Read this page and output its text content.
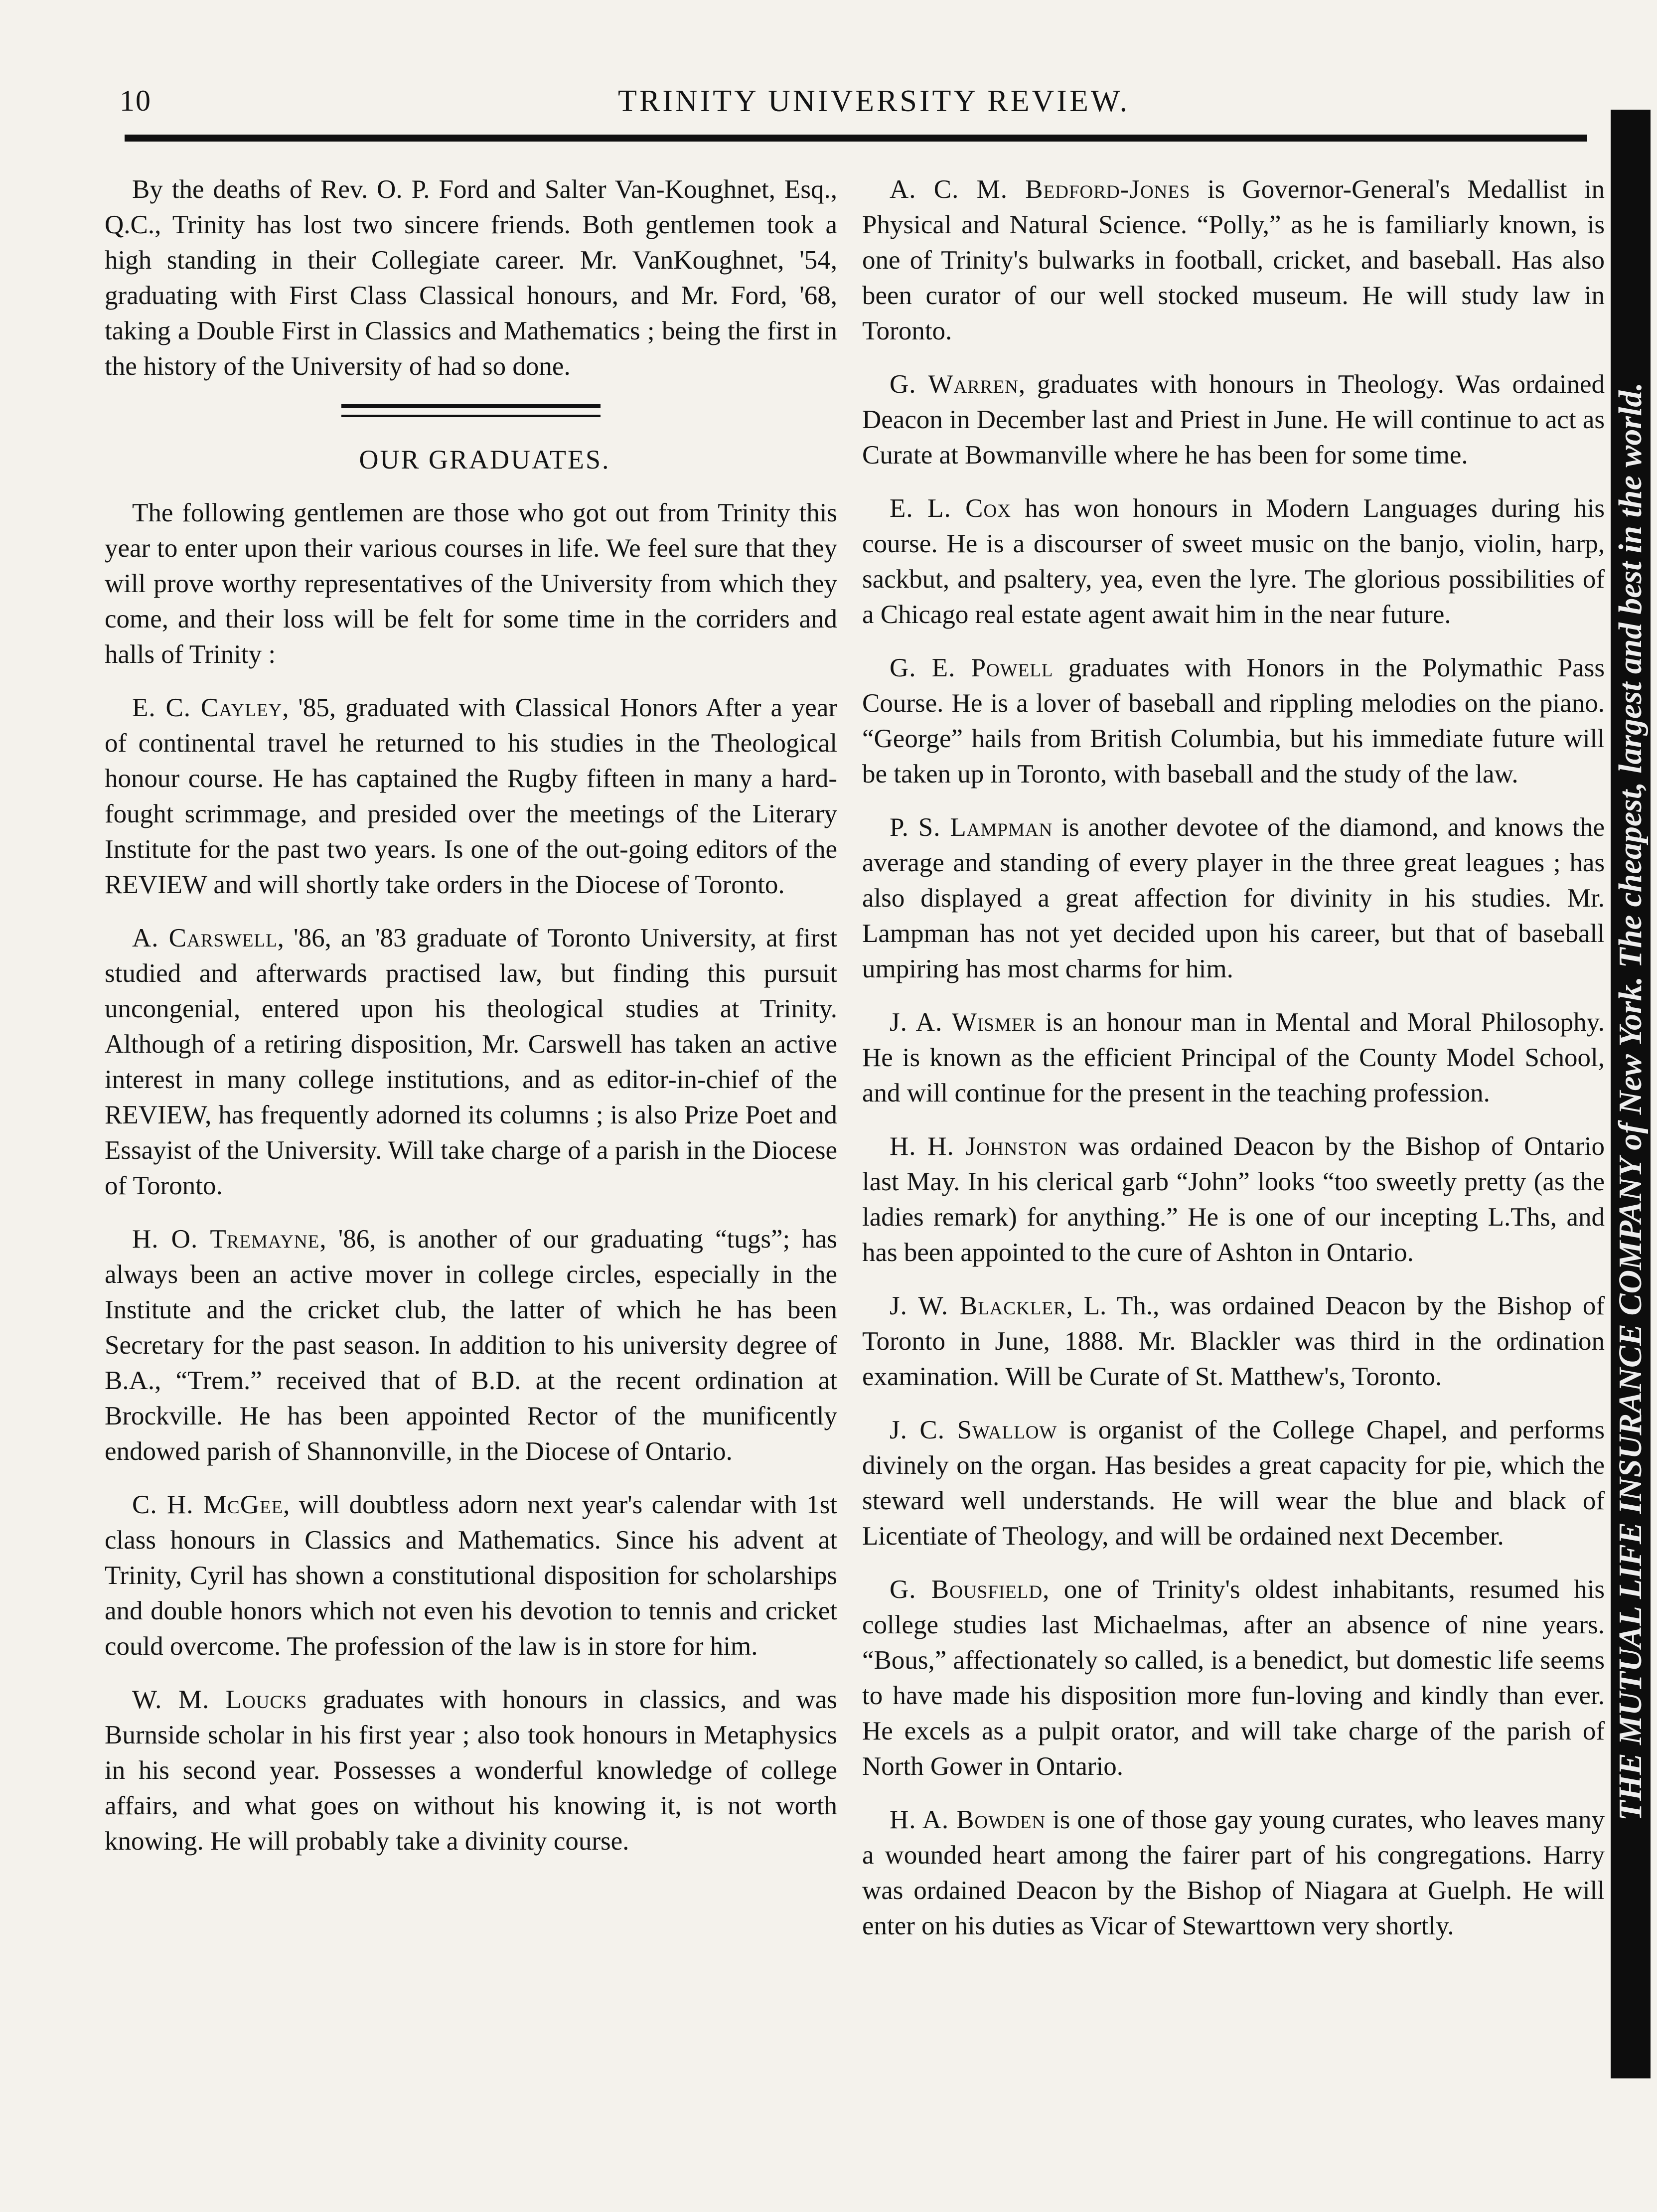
10	TRINITY UNIVERSITY REVIEW.

By the deaths of Rev. O. P. Ford and Salter Van-Koughnet, Esq., Q.C., Trinity has lost two sincere friends. Both gentlemen took a high standing in their Collegiate career. Mr. VanKoughnet, '54, graduating with First Class Classical honours, and Mr. Ford, '68, taking a Double First in Classics and Mathematics ; being the first in the history of the University of had so done.

OUR GRADUATES.

The following gentlemen are those who got out from Trinity this year to enter upon their various courses in life. We feel sure that they will prove worthy representatives of the University from which they come, and their loss will be felt for some time in the corriders and halls of Trinity :

E. C. Cayley, '85, graduated with Classical Honors After a year of continental travel he returned to his studies in the Theological honour course. He has captained the Rugby fifteen in many a hard-fought scrimmage, and presided over the meetings of the Literary Institute for the past two years. Is one of the out-going editors of the REVIEW and will shortly take orders in the Diocese of Toronto.

A. Carswell, '86, an '83 graduate of Toronto University, at first studied and afterwards practised law, but finding this pursuit uncongenial, entered upon his theological studies at Trinity. Although of a retiring disposition, Mr. Carswell has taken an active interest in many college institutions, and as editor-in-chief of the REVIEW, has frequently adorned its columns ; is also Prize Poet and Essayist of the University. Will take charge of a parish in the Diocese of Toronto.

H. O. Tremayne, '86, is another of our graduating “tugs”; has always been an active mover in college circles, especially in the Institute and the cricket club, the latter of which he has been Secretary for the past season. In addition to his university degree of B.A., “Trem.” received that of B.D. at the recent ordination at Brockville. He has been appointed Rector of the munificently endowed parish of Shannonville, in the Diocese of Ontario.

C. H. McGee, will doubtless adorn next year's calendar with 1st class honours in Classics and Mathematics. Since his advent at Trinity, Cyril has shown a constitutional disposition for scholarships and double honors which not even his devotion to tennis and cricket could overcome. The profession of the law is in store for him.

W. M. Loucks graduates with honours in classics, and was Burnside scholar in his first year ; also took honours in Metaphysics in his second year. Possesses a wonderful knowledge of college affairs, and what goes on without his knowing it, is not worth knowing. He will probably take a divinity course.

A. C. M. Bedford-Jones is Governor-General's Medallist in Physical and Natural Science. “Polly,” as he is familiarly known, is one of Trinity's bulwarks in football, cricket, and baseball. Has also been curator of our well stocked museum. He will study law in Toronto.

G. Warren, graduates with honours in Theology. Was ordained Deacon in December last and Priest in June. He will continue to act as Curate at Bowmanville where he has been for some time.

E. L. Cox has won honours in Modern Languages during his course. He is a discourser of sweet music on the banjo, violin, harp, sackbut, and psaltery, yea, even the lyre. The glorious possibilities of a Chicago real estate agent await him in the near future.

G. E. Powell graduates with Honors in the Polymathic Pass Course. He is a lover of baseball and rippling melodies on the piano. “George” hails from British Columbia, but his immediate future will be taken up in Toronto, with baseball and the study of the law.

P. S. Lampman is another devotee of the diamond, and knows the average and standing of every player in the three great leagues ; has also displayed a great affection for divinity in his studies. Mr. Lampman has not yet decided upon his career, but that of baseball umpiring has most charms for him.

J. A. Wismer is an honour man in Mental and Moral Philosophy. He is known as the efficient Principal of the County Model School, and will continue for the present in the teaching profession.

H. H. Johnston was ordained Deacon by the Bishop of Ontario last May. In his clerical garb “John” looks “too sweetly pretty (as the ladies remark) for anything.” He is one of our incepting L.Ths, and has been appointed to the cure of Ashton in Ontario.

J. W. Blackler, L. Th., was ordained Deacon by the Bishop of Toronto in June, 1888. Mr. Blackler was third in the ordination examination. Will be Curate of St. Matthew's, Toronto.

J. C. Swallow is organist of the College Chapel, and performs divinely on the organ. Has besides a great capacity for pie, which the steward well understands. He will wear the blue and black of Licentiate of Theology, and will be ordained next December.

G. Bousfield, one of Trinity's oldest inhabitants, resumed his college studies last Michaelmas, after an absence of nine years. “Bous,” affectionately so called, is a benedict, but domestic life seems to have made his disposition more fun-loving and kindly than ever. He excels as a pulpit orator, and will take charge of the parish of North Gower in Ontario.

H. A. Bowden is one of those gay young curates, who leaves many a wounded heart among the fairer part of his congregations. Harry was ordained Deacon by the Bishop of Niagara at Guelph. He will enter on his duties as Vicar of Stewarttown very shortly.

THE MUTUAL LIFE INSURANCE COMPANY of New York. The cheapest, largest and best in the world.
